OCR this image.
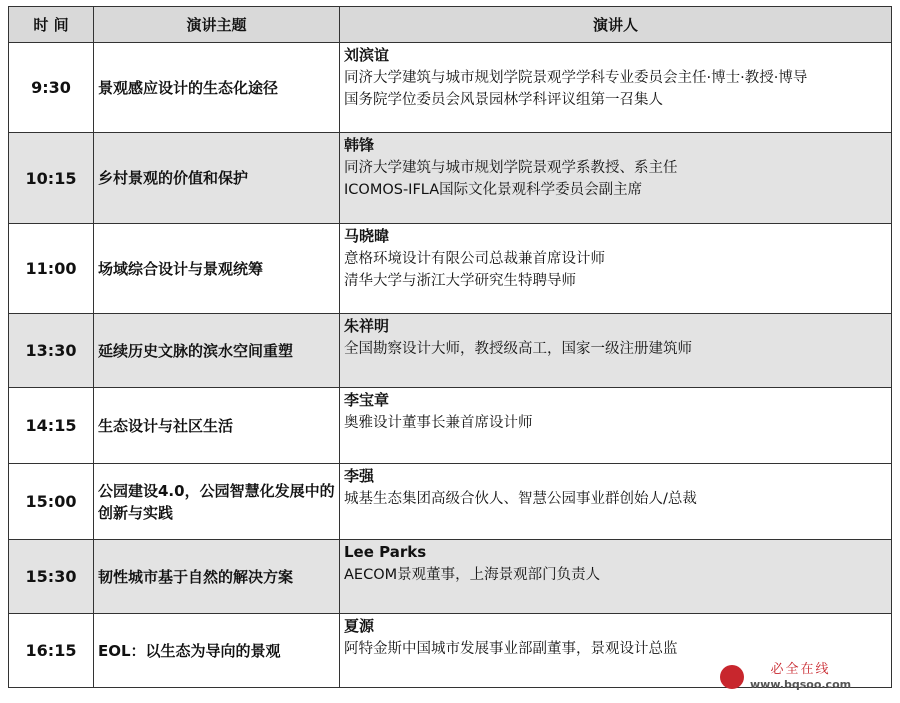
时 间	演讲主题	演讲人
9:30	景观感应设计的生态化途径	刘滨谊
同济大学建筑与城市规划学院景观学学科专业委员会主任·博士·教授·博导
国务院学位委员会风景园林学科评议组第一召集人

10:15	乡村景观的价值和保护	韩锋
同济大学建筑与城市规划学院景观学系教授、系主任
ICOMOS-IFLA国际文化景观科学委员会副主席

11:00	场域综合设计与景观统筹	马晓暐
意格环境设计有限公司总裁兼首席设计师
清华大学与浙江大学研究生特聘导师

13:30	延续历史文脉的滨水空间重塑	朱祥明
全国勘察设计大师，教授级高工，国家一级注册建筑师

14:15	生态设计与社区生活	李宝章
奥雅设计董事长兼首席设计师

15:00	公园建设4.0，公园智慧化发展中的创新与实践	李强
城基生态集团高级合伙人、智慧公园事业群创始人/总裁

15:30	韧性城市基于自然的解决方案	Lee Parks
AECOM景观董事，上海景观部门负责人

16:15	EOL：以生态为导向的景观	夏源
阿特金斯中国城市发展事业部副董事，景观设计总监
必全在线
www.bqsoo.com
